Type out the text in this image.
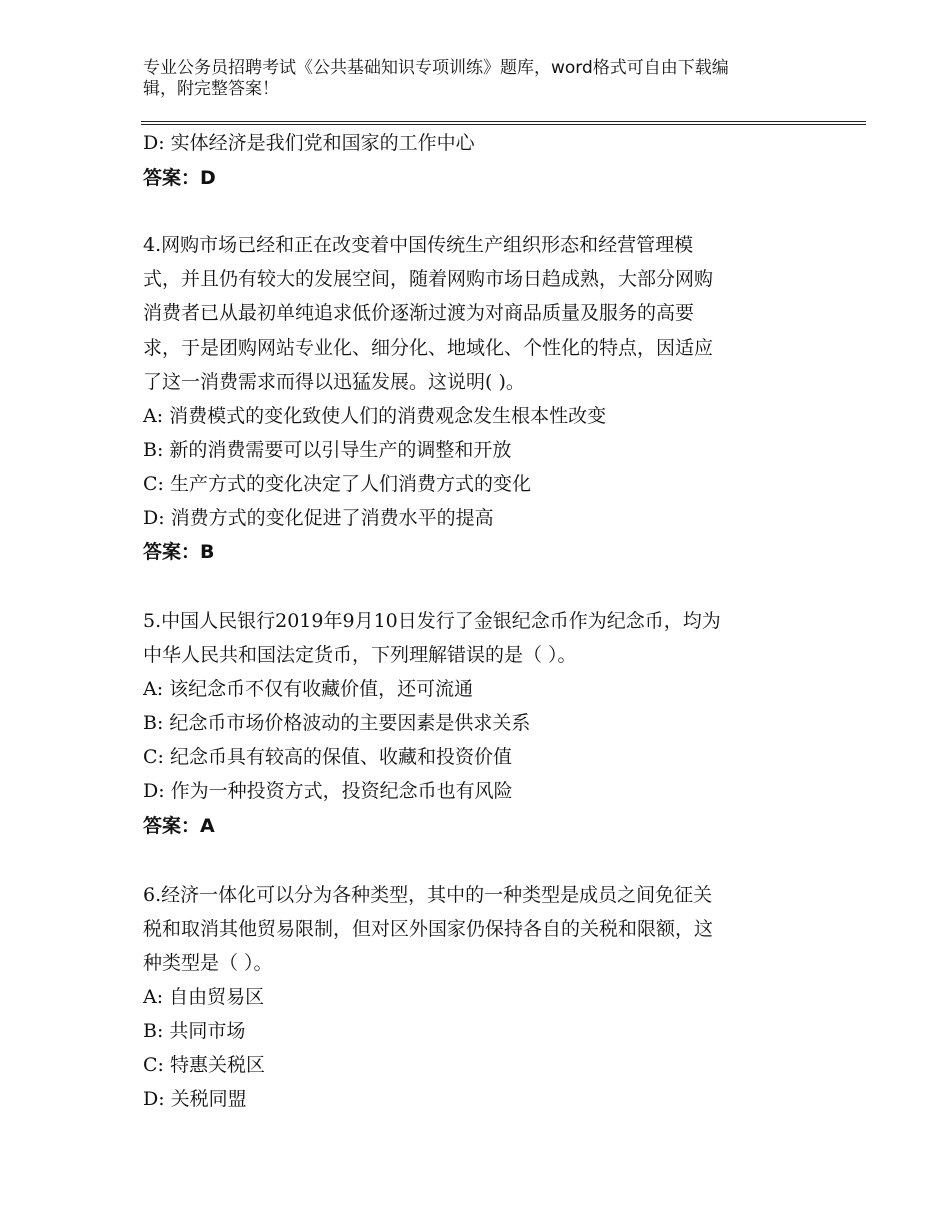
专业公务员招聘考试《公共基础知识专项训练》题库，word格式可自由下载编
辑，附完整答案！
D: 实体经济是我们党和国家的工作中心
答案：D
4.网购市场已经和正在改变着中国传统生产组织形态和经营管理模
式，并且仍有较大的发展空间，随着网购市场日趋成熟，大部分网购
消费者已从最初单纯追求低价逐渐过渡为对商品质量及服务的高要
求，于是团购网站专业化、细分化、地域化、个性化的特点，因适应
了这一消费需求而得以迅猛发展。这说明( )。
A: 消费模式的变化致使人们的消费观念发生根本性改变
B: 新的消费需要可以引导生产的调整和开放
C: 生产方式的变化决定了人们消费方式的变化
D: 消费方式的变化促进了消费水平的提高
答案：B
5.中国人民银行2019年9月10日发行了金银纪念币作为纪念币，均为
中华人民共和国法定货币，下列理解错误的是（ ）。
A: 该纪念币不仅有收藏价值，还可流通
B: 纪念币市场价格波动的主要因素是供求关系
C: 纪念币具有较高的保值、收藏和投资价值
D: 作为一种投资方式，投资纪念币也有风险
答案：A
6.经济一体化可以分为各种类型，其中的一种类型是成员之间免征关
税和取消其他贸易限制，但对区外国家仍保持各自的关税和限额，这
种类型是（ ）。
A: 自由贸易区
B: 共同市场
C: 特惠关税区
D: 关税同盟
